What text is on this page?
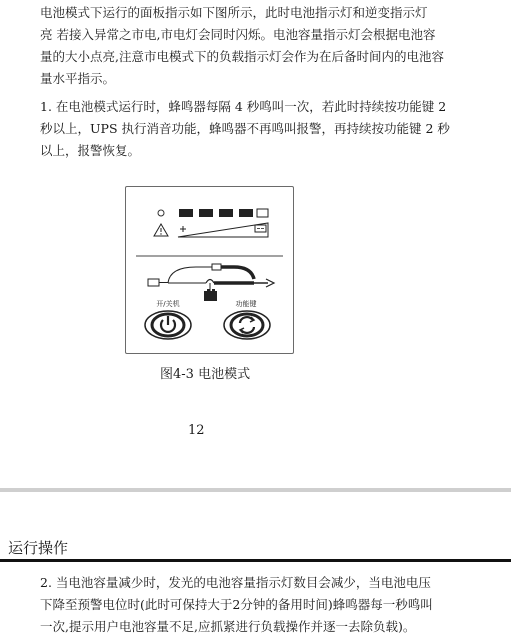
电池模式下运行的面板指示如下图所示，此时电池指示灯和逆变指示灯
亮 若接入异常之市电,市电灯会同时闪烁。电池容量指示灯会根据电池容
量的大小点亮,注意市电模式下的负载指示灯会作为在后备时间内的电池容
量水平指示。

1. 在电池模式运行时，蜂鸣器每隔 4 秒鸣叫一次，若此时持续按功能键 2
秒以上，UPS 执行消音功能，蜂鸣器不再鸣叫报警，再持续按功能键 2 秒
以上，报警恢复。

开/关机	功能键
图4-3 电池模式
12
运行操作

2. 当电池容量减少时，发光的电池容量指示灯数目会减少，当电池电压
下降至预警电位时(此时可保持大于2分钟的备用时间)蜂鸣器每一秒鸣叫
一次,提示用户电池容量不足,应抓紧进行负载操作并逐一去除负载)。
